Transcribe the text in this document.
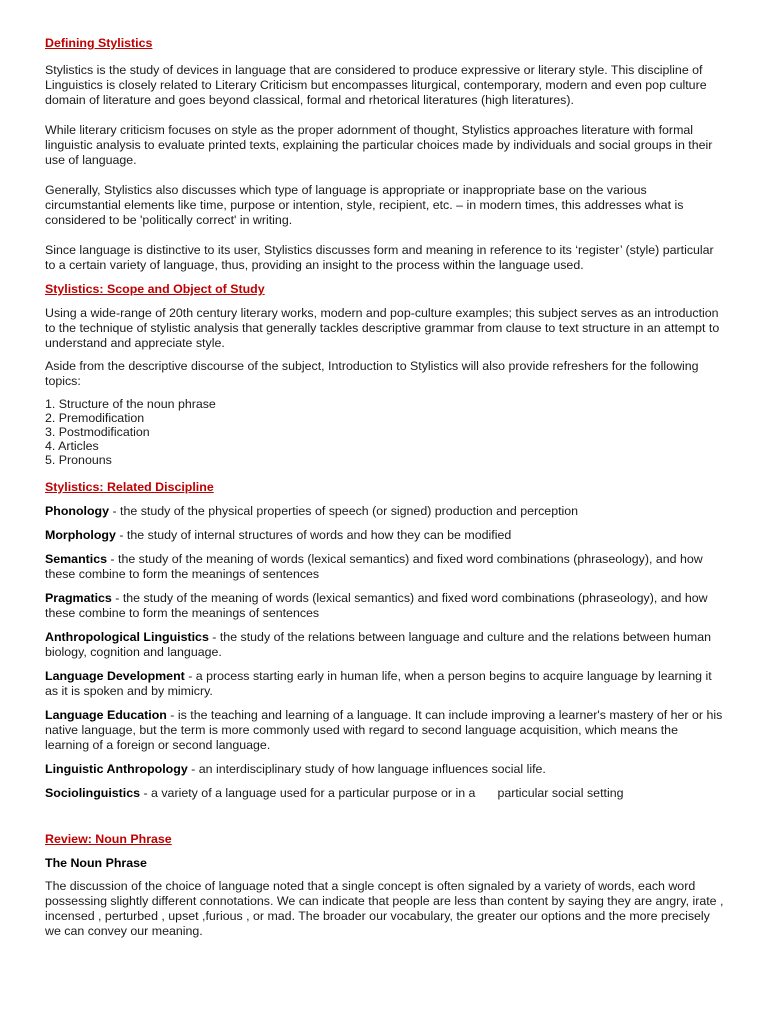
Defining Stylistics

Stylistics is the study of devices in language that are considered to produce expressive or literary style. This discipline of Linguistics is closely related to Literary Criticism but encompasses liturgical, contemporary, modern and even pop culture domain of literature and goes beyond classical, formal and rhetorical literatures (high literatures).

While literary criticism focuses on style as the proper adornment of thought, Stylistics approaches literature with formal linguistic analysis to evaluate printed texts, explaining the particular choices made by individuals and social groups in their use of language.

Generally, Stylistics also discusses which type of language is appropriate or inappropriate base on the various circumstantial elements like time, purpose or intention, style, recipient, etc. – in modern times, this addresses what is considered to be 'politically correct' in writing.

Since language is distinctive to its user, Stylistics discusses form and meaning in reference to its ‘register’ (style) particular to a certain variety of language, thus, providing an insight to the process within the language used.

Stylistics: Scope and Object of Study

Using a wide-range of 20th century literary works, modern and pop-culture examples; this subject serves as an introduction to the technique of stylistic analysis that generally tackles descriptive grammar from clause to text structure in an attempt to understand and appreciate style.

Aside from the descriptive discourse of the subject, Introduction to Stylistics will also provide refreshers for the following topics:

1. Structure of the noun phrase
2. Premodification
3. Postmodification
4. Articles
5. Pronouns
Stylistics: Related Discipline

Phonology - the study of the physical properties of speech (or signed) production and perception

Morphology - the study of internal structures of words and how they can be modified

Semantics - the study of the meaning of words (lexical semantics) and fixed word combinations (phraseology), and how these combine to form the meanings of sentences

Pragmatics - the study of the meaning of words (lexical semantics) and fixed word combinations (phraseology), and how these combine to form the meanings of sentences

Anthropological Linguistics - the study of the relations between language and culture and the relations between human biology, cognition and language.

Language Development - a process starting early in human life, when a person begins to acquire language by learning it as it is spoken and by mimicry.

Language Education - is the teaching and learning of a language. It can include improving a learner's mastery of her or his native language, but the term is more commonly used with regard to second language acquisition, which means the learning of a foreign or second language.

Linguistic Anthropology - an interdisciplinary study of how language influences social life.

Sociolinguistics - a variety of a language used for a particular purpose or in a particular social setting

Review: Noun Phrase

The Noun Phrase

The discussion of the choice of language noted that a single concept is often signaled by a variety of words, each word possessing slightly different connotations. We can indicate that people are less than content by saying they are angry, irate , incensed , perturbed , upset ,furious , or mad. The broader our vocabulary, the greater our options and the more precisely we can convey our meaning.
